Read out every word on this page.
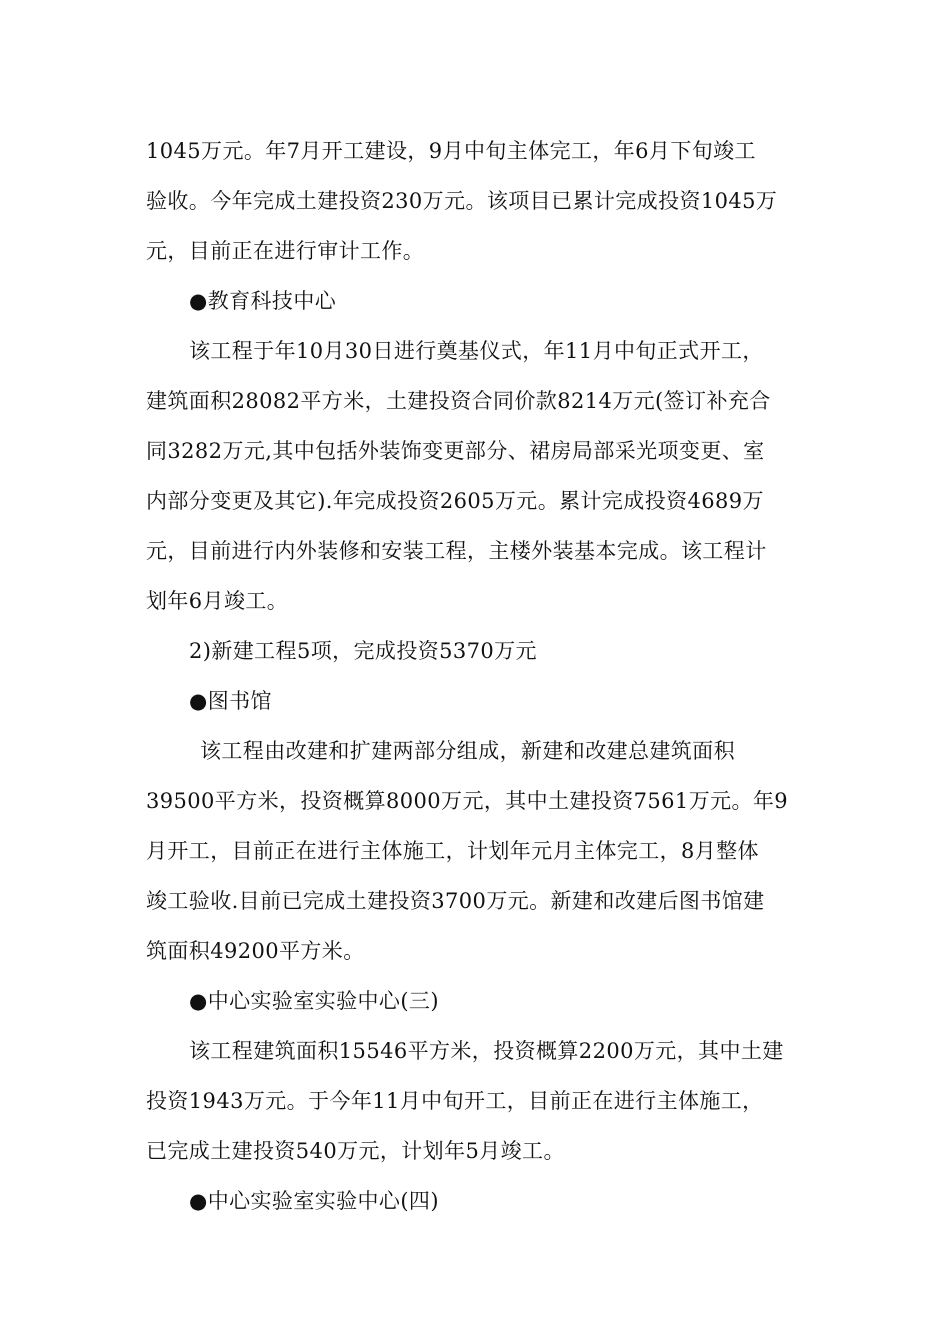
1045万元。年7月开工建设，9月中旬主体完工，年6月下旬竣工
验收。今年完成土建投资230万元。该项目已累计完成投资1045万
元，目前正在进行审计工作。
●教育科技中心
该工程于年10月30日进行奠基仪式，年11月中旬正式开工，
建筑面积28082平方米，土建投资合同价款8214万元(签订补充合
同3282万元,其中包括外装饰变更部分、裙房局部采光项变更、室
内部分变更及其它).年完成投资2605万元。累计完成投资4689万
元，目前进行内外装修和安装工程，主楼外装基本完成。该工程计
划年6月竣工。
2)新建工程5项，完成投资5370万元
●图书馆
该工程由改建和扩建两部分组成，新建和改建总建筑面积
39500平方米，投资概算8000万元，其中土建投资7561万元。年9
月开工，目前正在进行主体施工，计划年元月主体完工，8月整体
竣工验收.目前已完成土建投资3700万元。新建和改建后图书馆建
筑面积49200平方米。
●中心实验室实验中心(三)
该工程建筑面积15546平方米，投资概算2200万元，其中土建
投资1943万元。于今年11月中旬开工，目前正在进行主体施工，
已完成土建投资540万元，计划年5月竣工。
●中心实验室实验中心(四)
